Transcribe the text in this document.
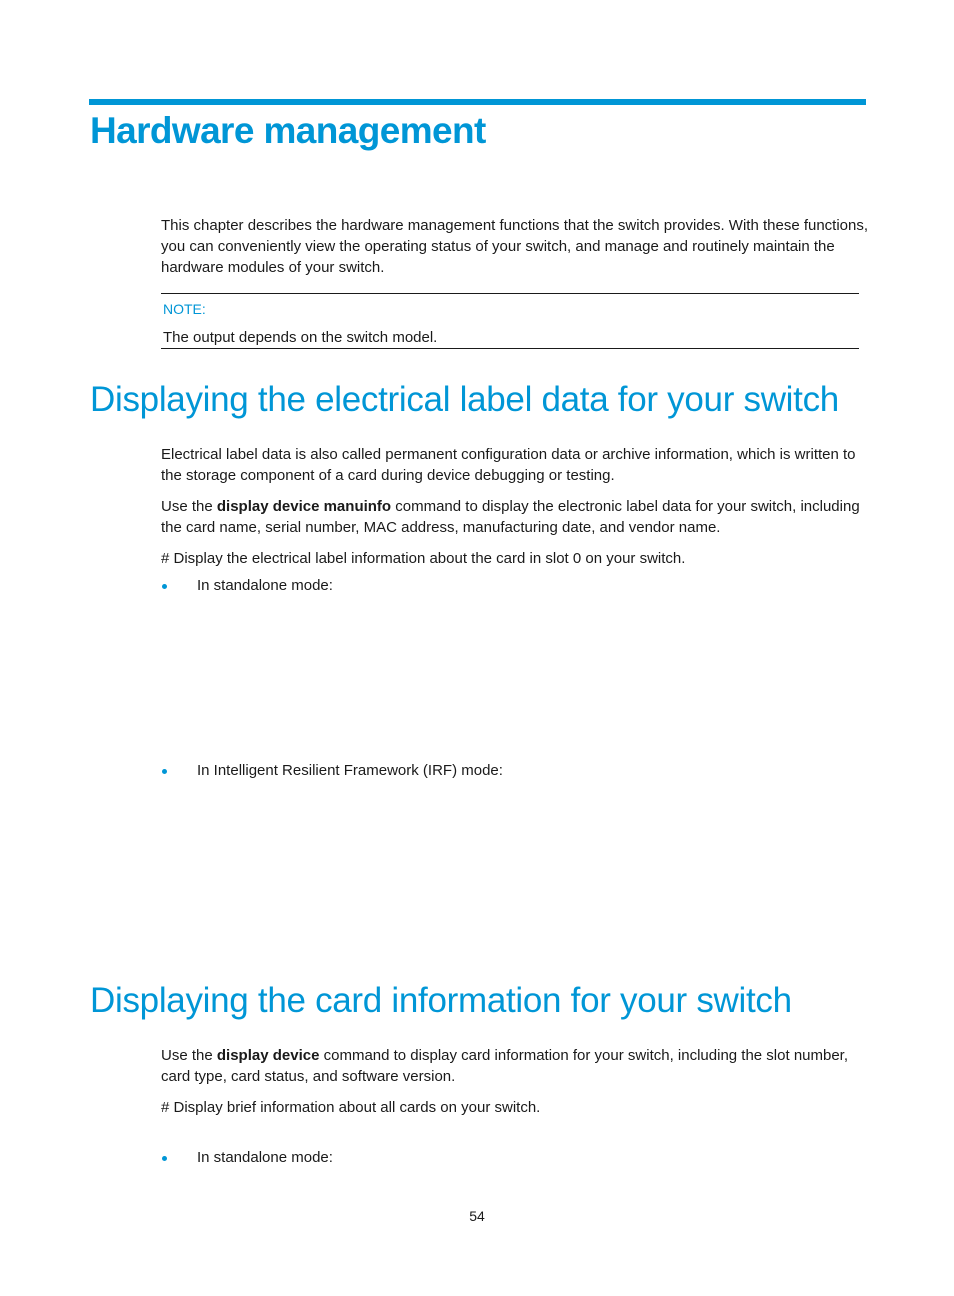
Hardware management

This chapter describes the hardware management functions that the switch provides. With these functions, you can conveniently view the operating status of your switch, and manage and routinely maintain the hardware modules of your switch.

NOTE:
The output depends on the switch model.
Displaying the electrical label data for your switch

Electrical label data is also called permanent configuration data or archive information, which is written to the storage component of a card during device debugging or testing.

Use the display device manuinfo command to display the electronic label data for your switch, including the card name, serial number, MAC address, manufacturing date, and vendor name.

# Display the electrical label information about the card in slot 0 on your switch.

In standalone mode:
In Intelligent Resilient Framework (IRF) mode:
Displaying the card information for your switch

Use the display device command to display card information for your switch, including the slot number, card type, card status, and software version.

# Display brief information about all cards on your switch.

In standalone mode:
54
